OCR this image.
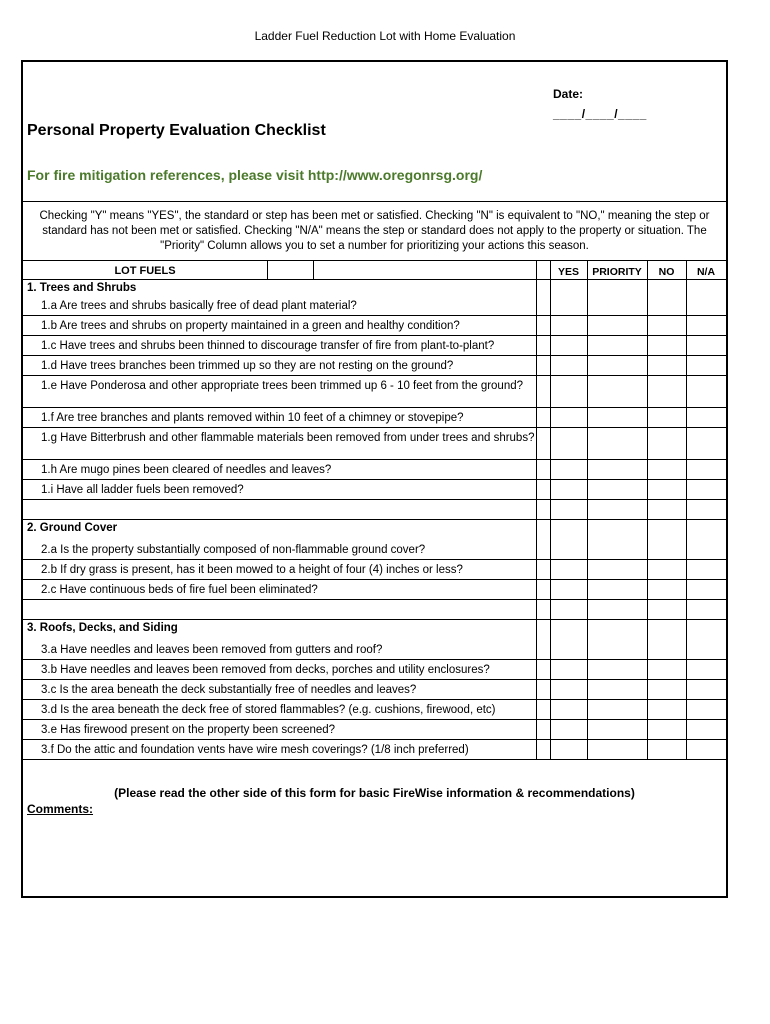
Ladder Fuel Reduction Lot with Home Evaluation
Date:
____/____/____
Personal Property Evaluation Checklist
For fire mitigation references, please visit http://www.oregonrsg.org/
Checking "Y" means "YES", the standard or step has been met or satisfied. Checking "N" is equivalent to "NO," meaning the step or standard has not been met or satisfied. Checking "N/A" means the step or standard does not apply to the property or situation. The "Priority" Column allows you to set a number for prioritizing your actions this season.
LOT FUELS	YES	PRIORITY	NO	N/A
1. Trees and Shrubs
1.a Are trees and shrubs basically free of dead plant material?
1.b Are trees and shrubs on property maintained in a green and healthy condition?
1.c Have trees and shrubs been thinned to discourage transfer of fire from plant-to-plant?
1.d Have trees branches been trimmed up so they are not resting on the ground?
1.e Have Ponderosa and other appropriate trees been trimmed up 6 - 10 feet from the ground?
1.f Are tree branches and plants removed within 10 feet of a chimney or stovepipe?
1.g Have Bitterbrush and other flammable materials been removed from under trees and shrubs?
1.h Are mugo pines been cleared of needles and leaves?
1.i Have all ladder fuels been removed?
2. Ground Cover
2.a Is the property substantially composed of non-flammable ground cover?
2.b If dry grass is present, has it been mowed to a height of four (4) inches or less?
2.c Have continuous beds of fire fuel been eliminated?
3. Roofs, Decks, and Siding
3.a Have needles and leaves been removed from gutters and roof?
3.b Have needles and leaves been removed from decks, porches and utility enclosures?
3.c Is the area beneath the deck substantially free of needles and leaves?
3.d Is the area beneath the deck free of stored flammables? (e.g. cushions, firewood, etc)
3.e Has firewood present on the property been screened?
3.f Do the attic and foundation vents have wire mesh coverings? (1/8 inch preferred)
(Please read the other side of this form for basic FireWise information & recommendations)
Comments:
